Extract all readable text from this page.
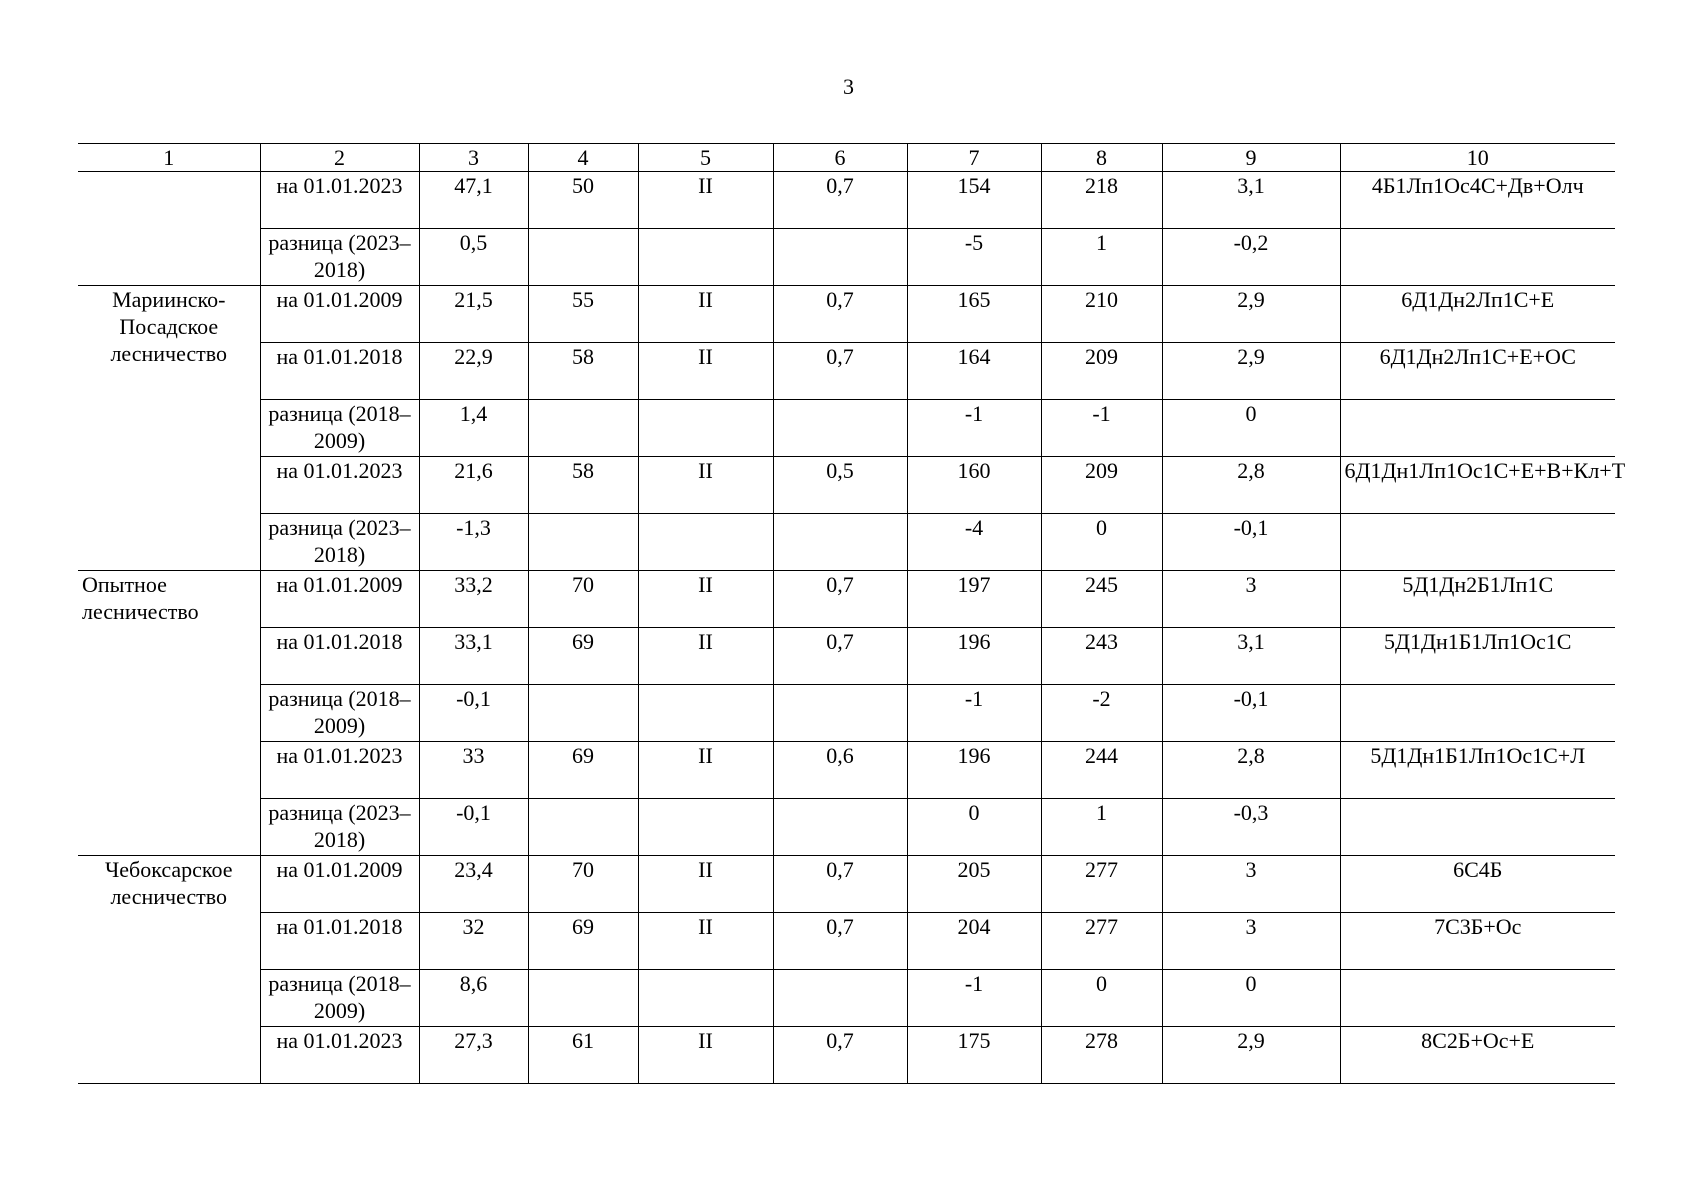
3
1	2	3	4	5	6	7	8	9	10
	на 01.01.2023	47,1	50	II	0,7	154	218	3,1	4Б1Лп1Ос4С+Дв+Олч
	разница (2023–2018)	0,5				-5	1	-0,2	
Мариинско-Посадское лесничество	на 01.01.2009	21,5	55	II	0,7	165	210	2,9	6Д1Дн2Лп1С+Е
	на 01.01.2018	22,9	58	II	0,7	164	209	2,9	6Д1Дн2Лп1С+Е+ОС
	разница (2018–2009)	1,4				-1	-1	0	
	на 01.01.2023	21,6	58	II	0,5	160	209	2,8	6Д1Дн1Лп1Ос1С+Е+В+Кл+Т
	разница (2023–2018)	-1,3				-4	0	-0,1	
Опытное лесничество	на 01.01.2009	33,2	70	II	0,7	197	245	3	5Д1Дн2Б1Лп1С
	на 01.01.2018	33,1	69	II	0,7	196	243	3,1	5Д1Дн1Б1Лп1Ос1С
	разница (2018–2009)	-0,1				-1	-2	-0,1	
	на 01.01.2023	33	69	II	0,6	196	244	2,8	5Д1Дн1Б1Лп1Ос1С+Л
	разница (2023–2018)	-0,1				0	1	-0,3	
Чебоксарское лесничество	на 01.01.2009	23,4	70	II	0,7	205	277	3	6С4Б
	на 01.01.2018	32	69	II	0,7	204	277	3	7С3Б+Ос
	разница (2018–2009)	8,6				-1	0	0	
	на 01.01.2023	27,3	61	II	0,7	175	278	2,9	8С2Б+Ос+Е
